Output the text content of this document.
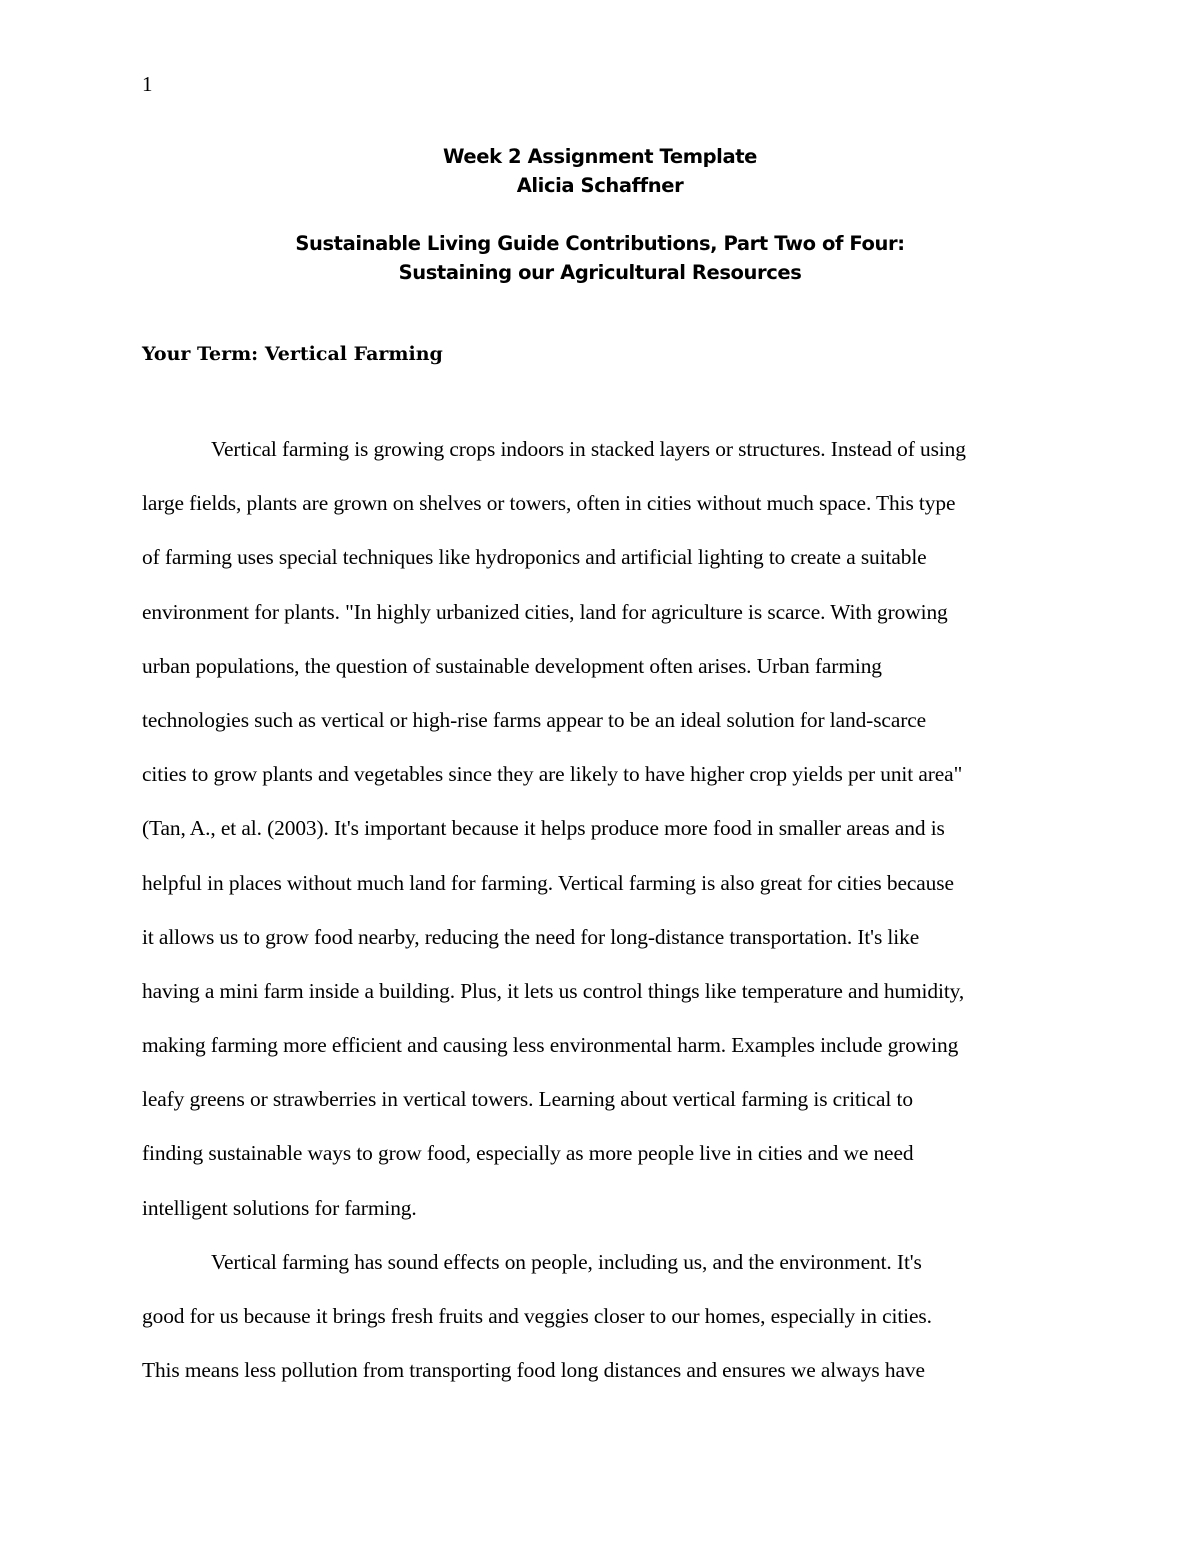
1
Week 2 Assignment Template
Alicia Schaffner
Sustainable Living Guide Contributions, Part Two of Four:
Sustaining our Agricultural Resources
Your Term: Vertical Farming
Vertical farming is growing crops indoors in stacked layers or structures. Instead of using
large fields, plants are grown on shelves or towers, often in cities without much space. This type
of farming uses special techniques like hydroponics and artificial lighting to create a suitable
environment for plants. "In highly urbanized cities, land for agriculture is scarce. With growing
urban populations, the question of sustainable development often arises. Urban farming
technologies such as vertical or high-rise farms appear to be an ideal solution for land-scarce
cities to grow plants and vegetables since they are likely to have higher crop yields per unit area"
(Tan, A., et al. (2003). It's important because it helps produce more food in smaller areas and is
helpful in places without much land for farming. Vertical farming is also great for cities because
it allows us to grow food nearby, reducing the need for long-distance transportation. It's like
having a mini farm inside a building. Plus, it lets us control things like temperature and humidity,
making farming more efficient and causing less environmental harm. Examples include growing
leafy greens or strawberries in vertical towers. Learning about vertical farming is critical to
finding sustainable ways to grow food, especially as more people live in cities and we need
intelligent solutions for farming.
Vertical farming has sound effects on people, including us, and the environment. It's
good for us because it brings fresh fruits and veggies closer to our homes, especially in cities.
This means less pollution from transporting food long distances and ensures we always have
